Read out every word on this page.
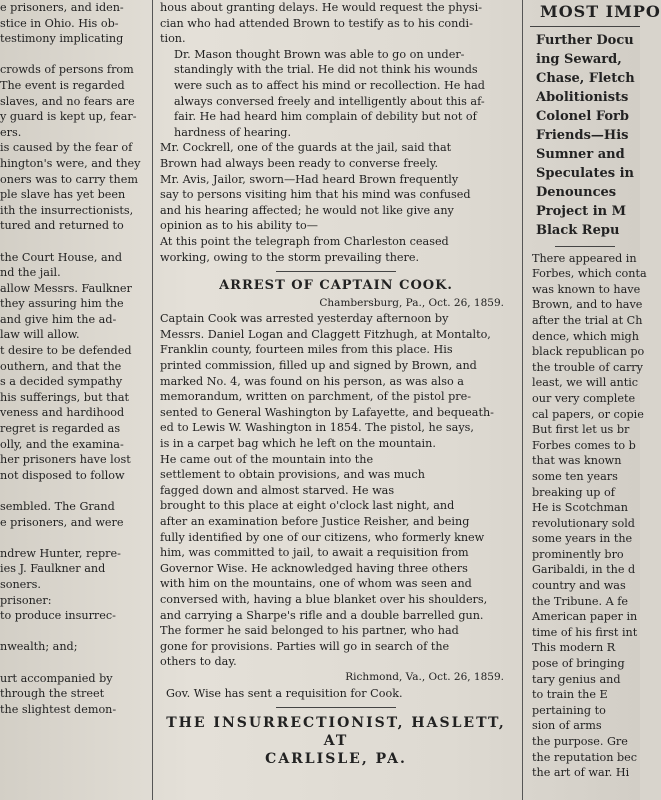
e prisoners, and iden-
stice in Ohio. His ob-
testimony implicating

crowds of persons from
The event is regarded
slaves, and no fears are
y guard is kept up, fear-
ers.
is caused by the fear of
hington's were, and they
oners was to carry them
ple slave has yet been
ith the insurrectionists,
tured and returned to

the Court House, and
nd the jail.
allow Messrs. Faulkner
they assuring him the
and give him the ad-
law will allow.
t desire to be defended
outhern, and that the
s a decided sympathy
his sufferings, but that
veness and hardihood
regret is regarded as
olly, and the examina-
her prisoners have lost
not disposed to follow

sembled. The Grand
e prisoners, and were

ndrew Hunter, repre-
ies J. Faulkner and
soners.
prisoner:
to produce insurrec-

nwealth; and;

urt accompanied by
through the street
the slightest demon-
hous about granting delays. He would request the physi-
cian who had attended Brown to testify as to his condi-
tion.
Dr. Mason thought Brown was able to go on under-
standingly with the trial. He did not think his wounds
were such as to affect his mind or recollection. He had
always conversed freely and intelligently about this af-
fair. He had heard him complain of debility but not of
hardness of hearing.
Mr. Cockrell, one of the guards at the jail, said that
Brown had always been ready to converse freely.
Mr. Avis, Jailor, sworn—Had heard Brown frequently
say to persons visiting him that his mind was confused
and his hearing affected; he would not like give any
opinion as to his ability to—
At this point the telegraph from Charleston ceased
working, owing to the storm prevailing there.
ARREST OF CAPTAIN COOK.
Chambersburg, Pa., Oct. 26, 1859.
Captain Cook was arrested yesterday afternoon by
Messrs. Daniel Logan and Claggett Fitzhugh, at Montalto,
Franklin county, fourteen miles from this place. His
printed commission, filled up and signed by Brown, and
marked No. 4, was found on his person, as was also a
memorandum, written on parchment, of the pistol pre-
sented to General Washington by Lafayette, and bequeath-
ed to Lewis W. Washington in 1854. The pistol, he says,
is in a carpet bag which he left on the mountain.
He came out of the mountain into the
settlement to obtain provisions, and was much
fagged down and almost starved. He was
brought to this place at eight o'clock last night, and
after an examination before Justice Reisher, and being
fully identified by one of our citizens, who formerly knew
him, was committed to jail, to await a requisition from
Governor Wise. He acknowledged having three others
with him on the mountains, one of whom was seen and
conversed with, having a blue blanket over his shoulders,
and carrying a Sharpe's rifle and a double barrelled gun.
The former he said belonged to his partner, who had
gone for provisions. Parties will go in search of the
others to day.
Richmond, Va., Oct. 26, 1859.
Gov. Wise has sent a requisition for Cook.
THE INSURRECTIONIST, HASLETT, AT
CARLISLE, PA.
MOST IMPO
Further Docu
ing Seward,
Chase, Fletch
Abolitionists
Colonel Forb
Friends—His
Sumner and
Speculates in
Denounces
Project in M
Black Repu
There appeared in
Forbes, which conta
was known to have
Brown, and to have
after the trial at Ch
dence, which migh
black republican po
the trouble of carry
least, we will antic
our very complete
cal papers, or copie
But first let us br
Forbes comes to b
that was known
some ten years
breaking up of
He is Scotchman
revolutionary sold
some years in the
prominently bro
Garibaldi, in the d
country and was
the Tribune. A fe
American paper in
time of his first int
This modern R
pose of bringing
tary genius and
to train the E
pertaining to
sion of arms
the purpose. Gre
the reputation bec
the art of war. Hi
